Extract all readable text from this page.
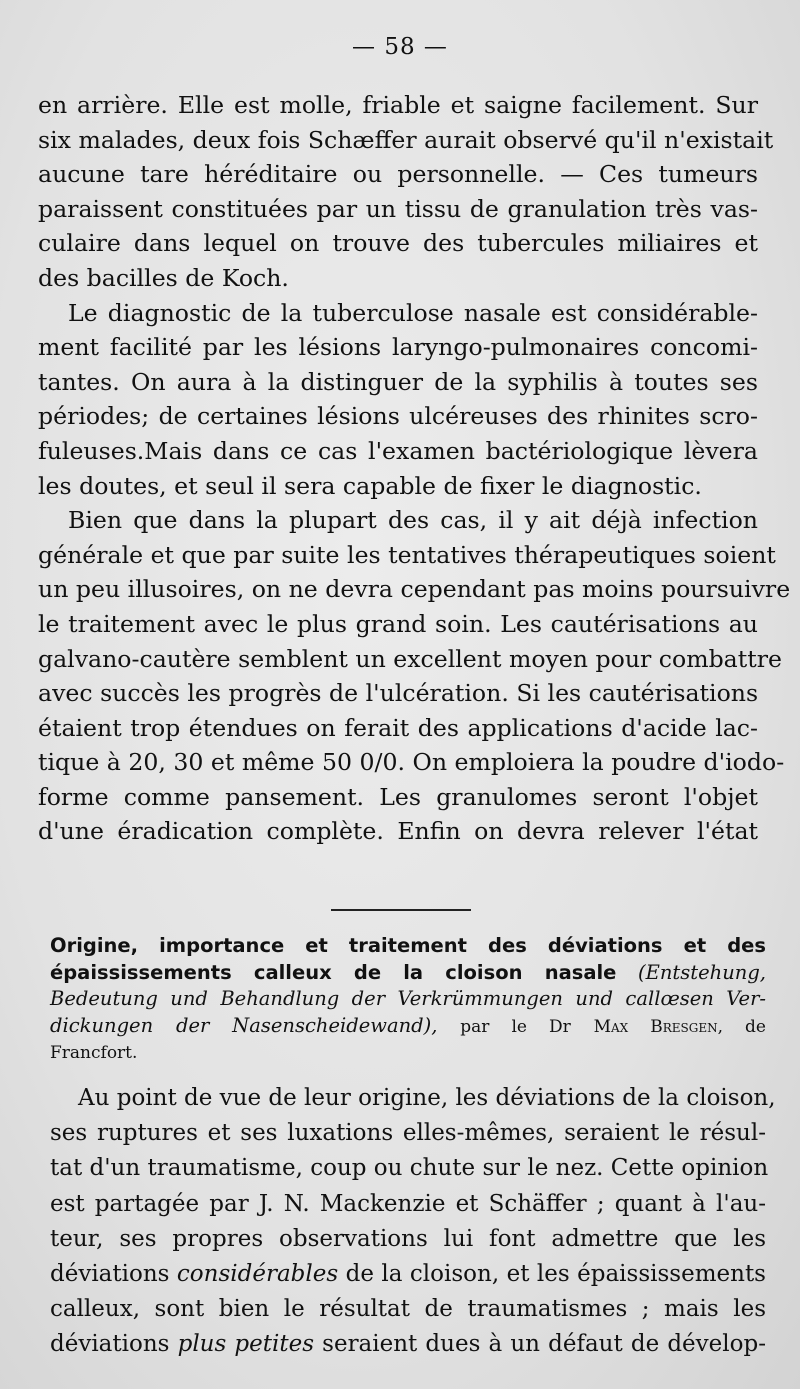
— 58 —
en arrière. Elle est molle, friable et saigne facilement. Sur
six malades, deux fois Schæffer aurait observé qu'il n'existait
aucune tare héréditaire ou personnelle. — Ces tumeurs
paraissent constituées par un tissu de granulation très vas-
culaire dans lequel on trouve des tubercules miliaires et
des bacilles de Koch.
Le diagnostic de la tuberculose nasale est considérable-
ment facilité par les lésions laryngo-pulmonaires concomi-
tantes. On aura à la distinguer de la syphilis à toutes ses
périodes; de certaines lésions ulcéreuses des rhinites scro-
fuleuses.Mais dans ce cas l'examen bactériologique lèvera
les doutes, et seul il sera capable de fixer le diagnostic.
Bien que dans la plupart des cas, il y ait déjà infection
générale et que par suite les tentatives thérapeutiques soient
un peu illusoires, on ne devra cependant pas moins poursuivre
le traitement avec le plus grand soin. Les cautérisations au
galvano-cautère semblent un excellent moyen pour combattre
avec succès les progrès de l'ulcération. Si les cautérisations
étaient trop étendues on ferait des applications d'acide lac-
tique à 20, 30 et même 50 0/0. On emploiera la poudre d'iodo-
forme comme pansement. Les granulomes seront l'objet
d'une éradication complète. Enfin on devra relever l'état
Origine, importance et traitement des déviations et des
épaississements calleux de la cloison nasale (Entstehung,
Bedeutung und Behandlung der Verkrümmungen und callœsen Ver-
dickungen der Nasenscheidewand), par le Dr Max Bresgen, de
Francfort.
Au point de vue de leur origine, les déviations de la cloison,
ses ruptures et ses luxations elles-mêmes, seraient le résul-
tat d'un traumatisme, coup ou chute sur le nez. Cette opinion
est partagée par J. N. Mackenzie et Schäffer ; quant à l'au-
teur, ses propres observations lui font admettre que les
déviations considérables de la cloison, et les épaississements
calleux, sont bien le résultat de traumatismes ; mais les
déviations plus petites seraient dues à un défaut de dévelop-
